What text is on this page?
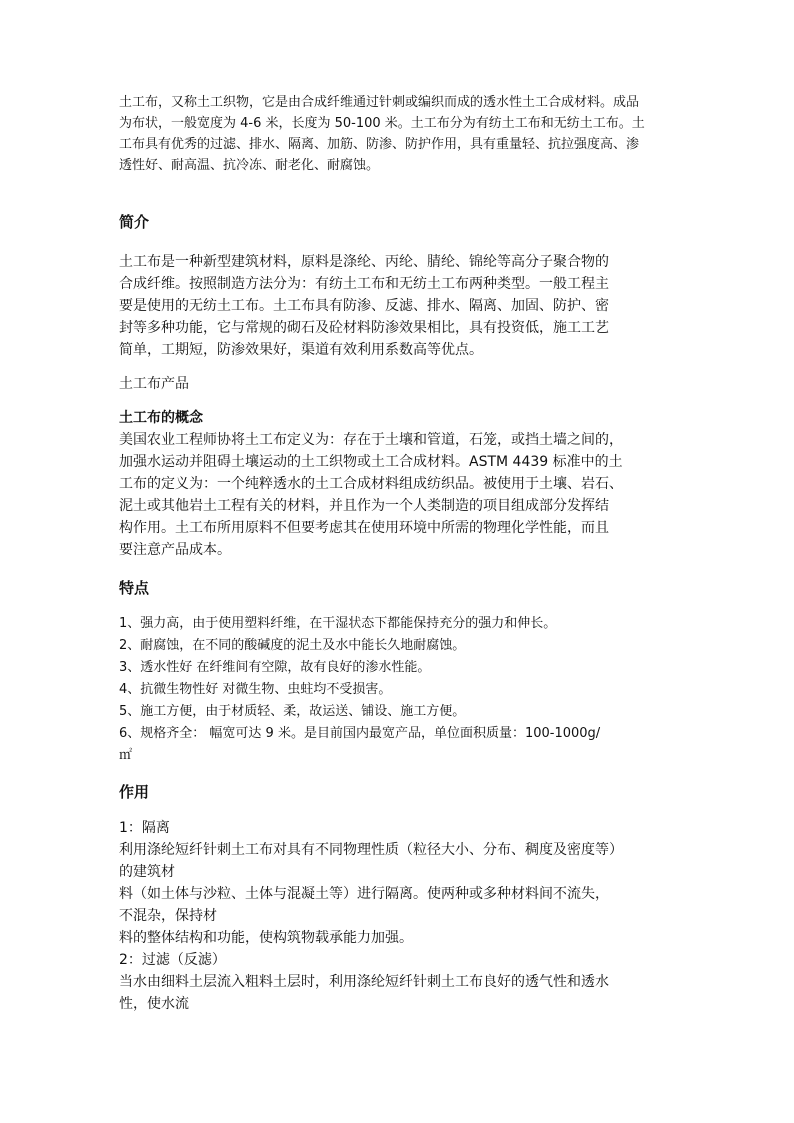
土工布，又称土工织物，它是由合成纤维通过针刺或编织而成的透水性土工合成材料。成品

为布状，一般宽度为 4-6 米，长度为 50-100 米。土工布分为有纺土工布和无纺土工布。土

工布具有优秀的过滤、排水、隔离、加筋、防渗、防护作用，具有重量轻、抗拉强度高、渗

透性好、耐高温、抗冷冻、耐老化、耐腐蚀。

简介

土工布是一种新型建筑材料，原料是涤纶、丙纶、腈纶、锦纶等高分子聚合物的

合成纤维。按照制造方法分为：有纺土工布和无纺土工布两种类型。一般工程主

要是使用的无纺土工布。土工布具有防渗、反滤、排水、隔离、加固、防护、密

封等多种功能，它与常规的砌石及砼材料防渗效果相比，具有投资低，施工工艺

简单，工期短，防渗效果好，渠道有效利用系数高等优点。

土工布产品

土工布的概念

美国农业工程师协将土工布定义为：存在于土壤和管道，石笼，或挡土墙之间的，

加强水运动并阻碍土壤运动的土工织物或土工合成材料。ASTM 4439 标准中的土

工布的定义为：一个纯粹透水的土工合成材料组成纺织品。被使用于土壤、岩石、

泥土或其他岩土工程有关的材料，并且作为一个人类制造的项目组成部分发挥结

构作用。土工布所用原料不但要考虑其在使用环境中所需的物理化学性能，而且

要注意产品成本。

特点

1、强力高，由于使用塑料纤维，在干湿状态下都能保持充分的强力和伸长。

2、耐腐蚀，在不同的酸碱度的泥土及水中能长久地耐腐蚀。

3、透水性好 在纤维间有空隙，故有良好的渗水性能。

4、抗微生物性好 对微生物、虫蛀均不受损害。

5、施工方便，由于材质轻、柔，故运送、铺设、施工方便。

6、规格齐全： 幅宽可达 9 米。是目前国内最宽产品，单位面积质量：100-1000g/

㎡

作用

1：隔离

利用涤纶短纤针刺土工布对具有不同物理性质（粒径大小、分布、稠度及密度等）

的建筑材

料（如土体与沙粒、土体与混凝土等）进行隔离。使两种或多种材料间不流失，

不混杂，保持材

料的整体结构和功能，使构筑物载承能力加强。

2：过滤（反滤）

当水由细料土层流入粗料土层时，利用涤纶短纤针刺土工布良好的透气性和透水

性，使水流
